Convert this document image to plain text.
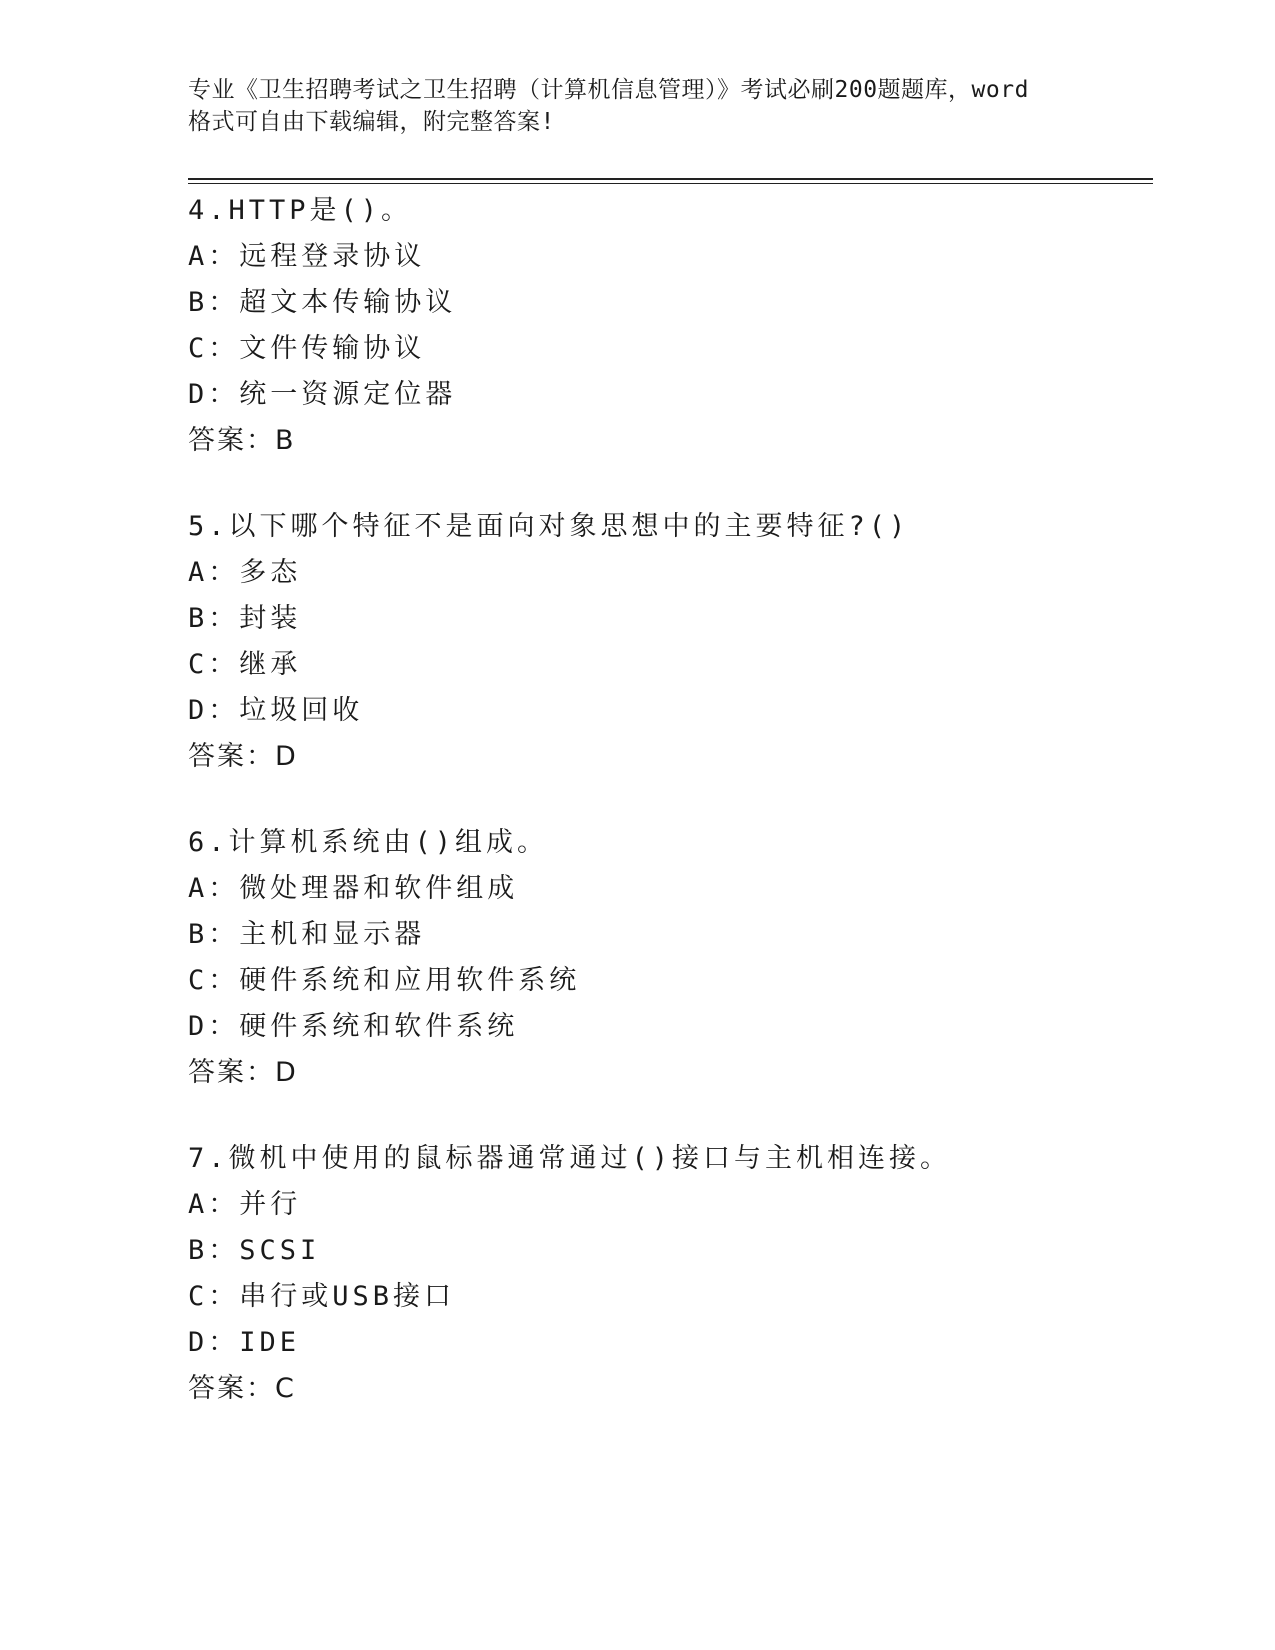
专业《卫生招聘考试之卫生招聘（计算机信息管理）》考试必刷200题题库，word
格式可自由下载编辑，附完整答案!
4.HTTP是()。
A：远程登录协议
B：超文本传输协议
C：文件传输协议
D：统一资源定位器
答案：B
5.以下哪个特征不是面向对象思想中的主要特征?()
A：多态
B：封装
C：继承
D：垃圾回收
答案：D
6.计算机系统由()组成。
A：微处理器和软件组成
B：主机和显示器
C：硬件系统和应用软件系统
D：硬件系统和软件系统
答案：D
7.微机中使用的鼠标器通常通过()接口与主机相连接。
A：并行
B：SCSI
C：串行或USB接口
D：IDE
答案：C
